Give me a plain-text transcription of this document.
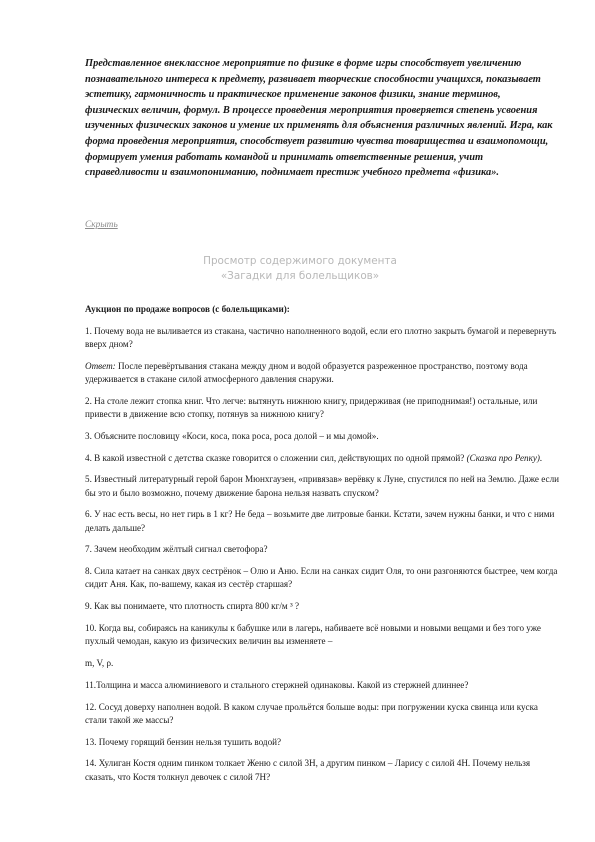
Представленное внеклассное мероприятие по физике в форме игры способствует увеличению познавательного интереса к предмету, развивает творческие способности учащихся, показывает эстетику, гармоничность и практическое применение законов физики, знание терминов, физических величин, формул. В процессе проведения мероприятия проверяется степень усвоения изученных физических законов и умение их применять для объяснения различных явлений. Игра, как форма проведения мероприятия, способствует развитию чувства товарищества и взаимопомощи, формирует умения работать командой и принимать ответственные решения, учит справедливости и взаимопониманию, поднимает престиж учебного предмета «физика».
Скрыть
Просмотр содержимого документа
«Загадки для болельщиков»

Аукцион по продаже вопросов (с болельщиками):

1. Почему вода не выливается из стакана, частично наполненного водой, если его плотно закрыть бумагой и перевернуть вверх дном?

Ответ: После перевёртывания стакана между дном и водой образуется разреженное пространство, поэтому вода удерживается в стакане силой атмосферного давления снаружи.

2. На столе лежит стопка книг. Что легче: вытянуть нижнюю книгу, придерживая (не приподнимая!) остальные, или привести в движение всю стопку, потянув за нижнюю книгу?

3. Объясните пословицу «Коси, коса, пока роса, роса долой – и мы домой».

4. В какой известной с детства сказке говорится о сложении сил, действующих по одной прямой? (Сказка про Репку).

5. Известный литературный герой барон Мюнхгаузен, «привязав» верёвку к Луне, спустился по ней на Землю. Даже если бы это и было возможно, почему движение барона нельзя назвать спуском?

6. У нас есть весы, но нет гирь в 1 кг? Не беда – возьмите две литровые банки. Кстати, зачем нужны банки, и что с ними делать дальше?

7. Зачем необходим жёлтый сигнал светофора?

8. Сила катает на санках двух сестрёнок – Олю и Аню. Если на санках сидит Оля, то они разгоняются быстрее, чем когда сидит Аня. Как, по-вашему, какая из сестёр старшая?

9. Как вы понимаете, что плотность спирта 800 кг/м ³ ?

10. Когда вы, собираясь на каникулы к бабушке или в лагерь, набиваете всё новыми и новыми вещами и без того уже пухлый чемодан, какую из физических величин вы изменяете –

m, V, ρ.

11.Толщина и масса алюминиевого и стального стержней одинаковы. Какой из стержней длиннее?

12. Сосуд доверху наполнен водой. В каком случае прольётся больше воды: при погружении куска свинца или куска стали такой же массы?

13. Почему горящий бензин нельзя тушить водой?

14. Хулиган Костя одним пинком толкает Женю с силой 3Н, а другим пинком – Ларису с силой 4Н. Почему нельзя сказать, что Костя толкнул девочек с силой 7Н?
